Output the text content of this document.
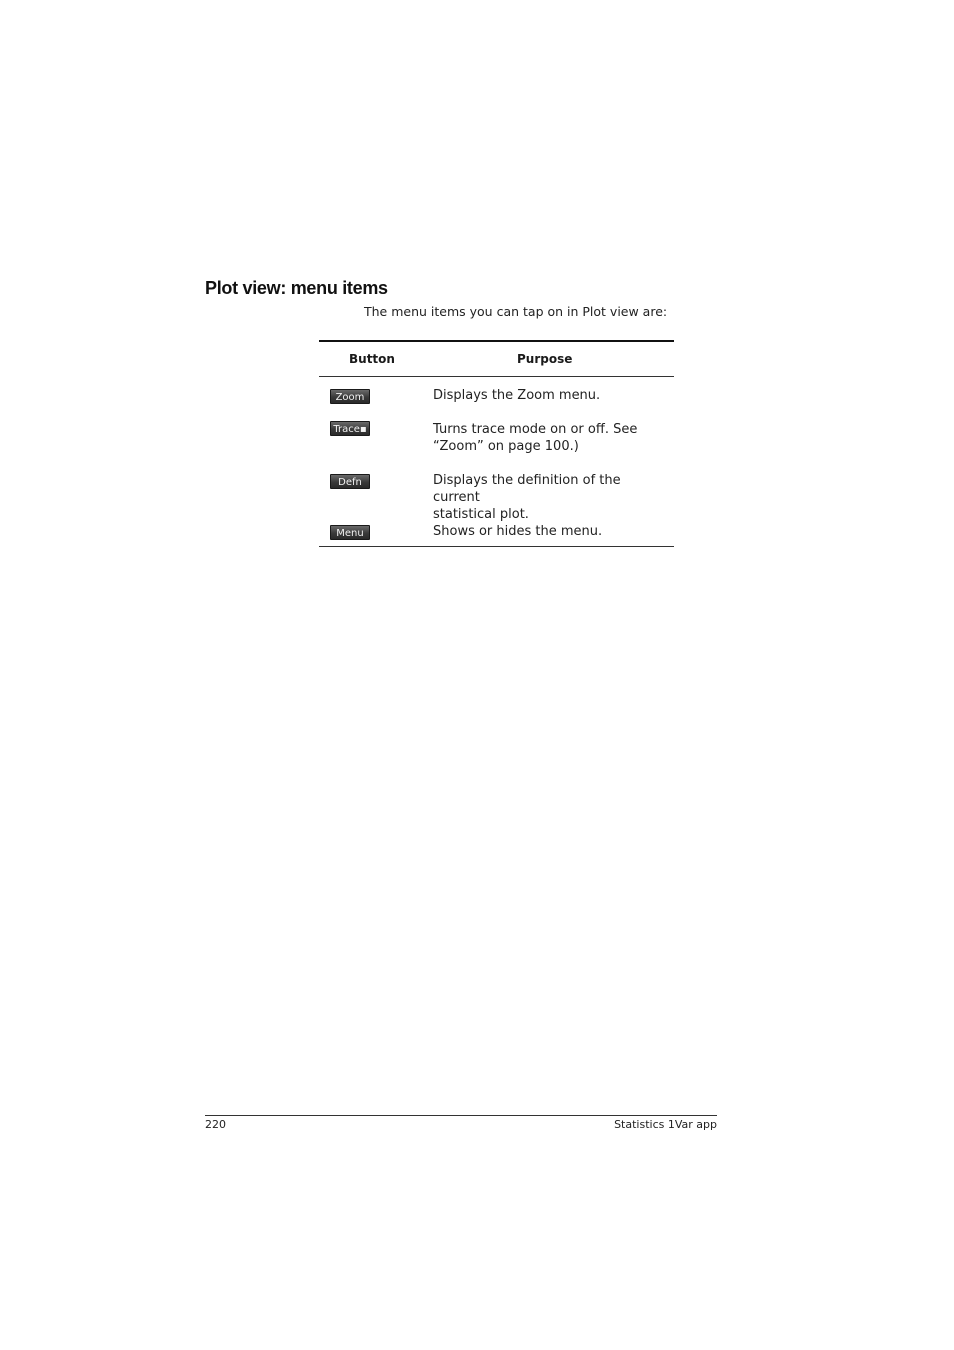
Plot view: menu items

The menu items you can tap on in Plot view are:

Button	Purpose
Zoom	Displays the Zoom menu.
Trace▪	Turns trace mode on or off. See
“Zoom” on page 100.)
Defn	Displays the definition of the current
statistical plot.
Menu	Shows or hides the menu.
220	Statistics 1Var app
